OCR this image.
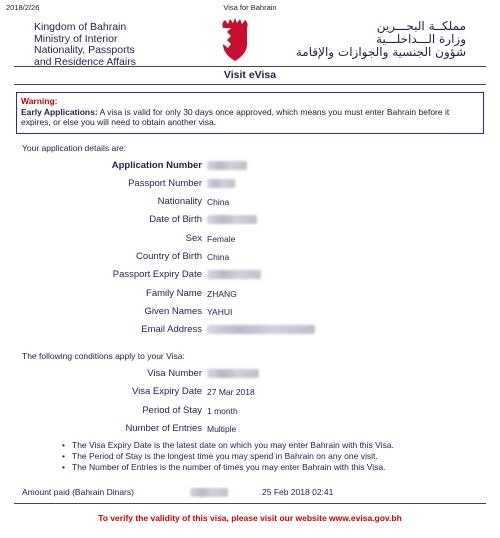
2018/2/26	Visa for Bahrain
Kingdom of Bahrain
Ministry of Interior
Nationality, Passports
and Residence Affairs
مملكــة البحـــرين
وزارة الـــداخلـــية
شؤون الجنسية والجوازات والإقامة
Visit eVisa
Warning:
Early Applications: A visa is valid for only 30 days once approved, which means you must enter Bahrain before it expires, or else you will need to obtain another visa.
Your application details are:
Application Number
Passport Number
Nationality China
Date of Birth
Sex Female
Country of Birth China
Passport Expiry Date
Family Name ZHANG
Given Names YAHUI
Email Address
The following conditions apply to your Visa:
Visa Number
Visa Expiry Date 27 Mar 2018
Period of Stay 1 month
Number of Entries Multiple
• The Visa Expiry Date is the latest date on which you may enter Bahrain with this Visa.
• The Period of Stay is the longest time you may spend in Bahrain on any one visit.
• The Number of Entries is the number of times you may enter Bahrain with this Visa.
Amount paid (Bahrain Dinars)	25 Feb 2018 02:41
To verify the validity of this visa, please visit our website www.evisa.gov.bh
